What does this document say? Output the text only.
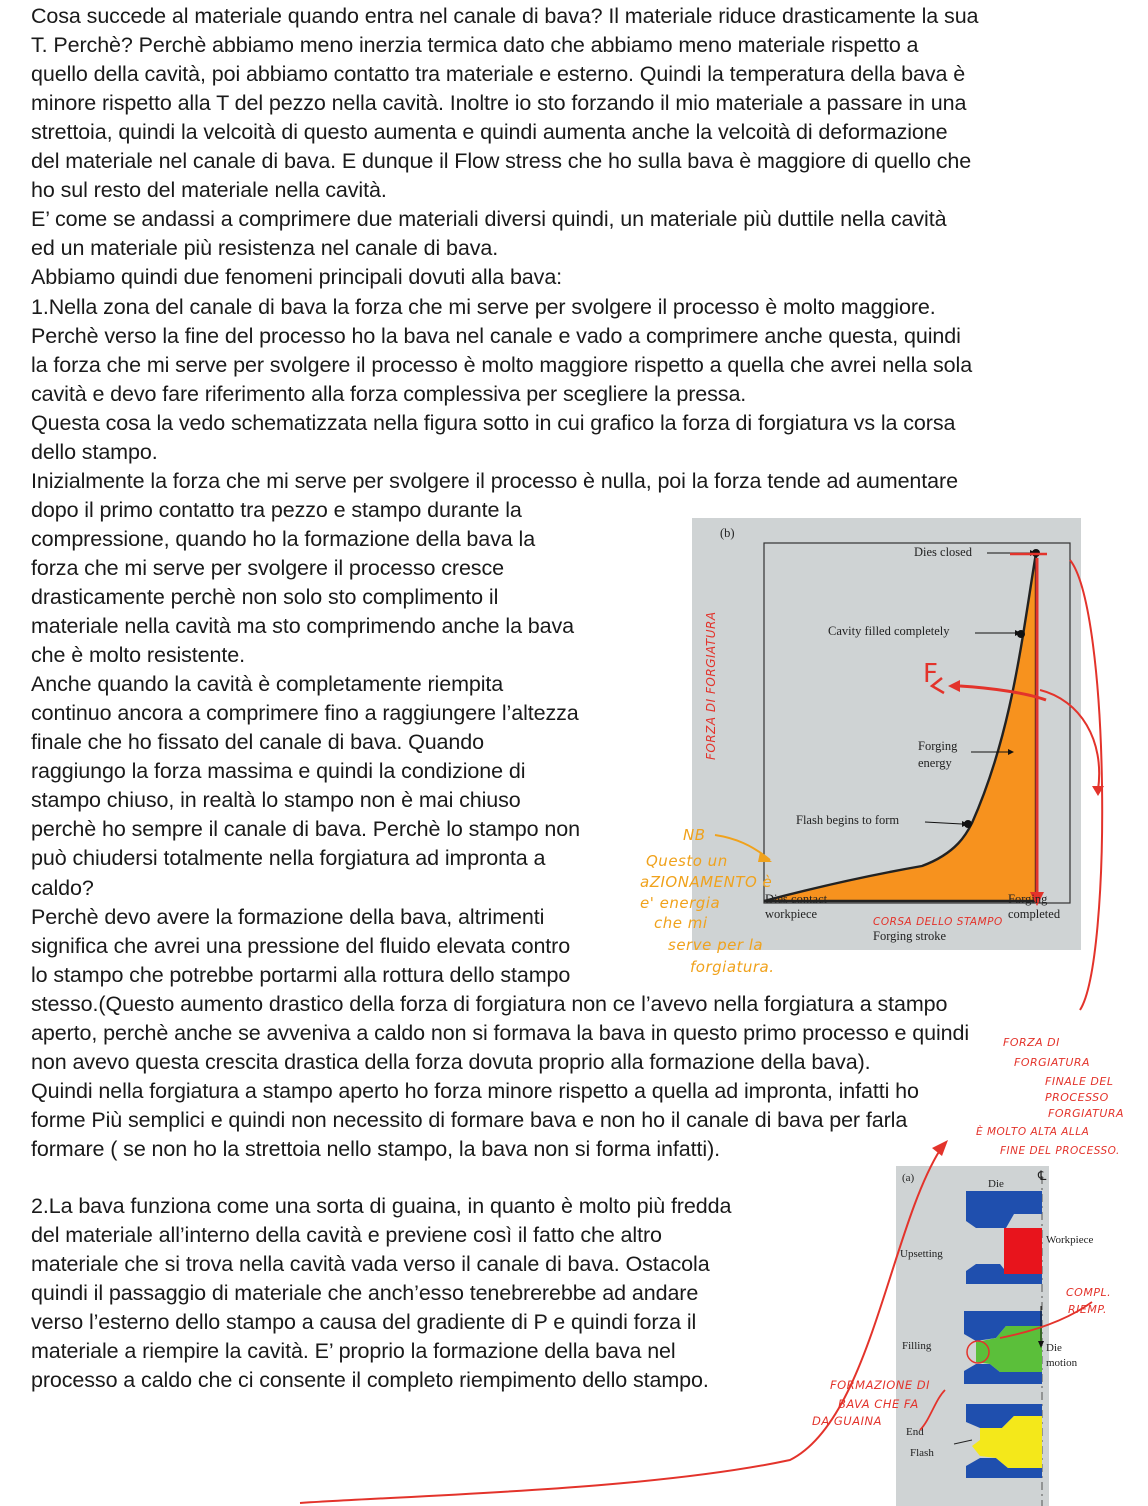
Cosa succede al materiale quando entra nel canale di bava? Il materiale riduce drasticamente la sua
T. Perchè? Perchè abbiamo meno inerzia termica dato che abbiamo meno materiale rispetto a
quello della cavità, poi abbiamo contatto tra materiale e esterno. Quindi la temperatura della bava è
minore rispetto alla T del pezzo nella cavità. Inoltre io sto forzando il mio materiale a passare in una
strettoia, quindi la velcoità di questo aumenta e quindi aumenta anche la velcoità di deformazione
del materiale nel canale di bava. E dunque il Flow stress che ho sulla bava è maggiore di quello che
ho sul resto del materiale nella cavità.
E’ come se andassi a comprimere due materiali diversi quindi, un materiale più duttile nella cavità
ed un materiale più resistenza nel canale di bava.
Abbiamo quindi due fenomeni principali dovuti alla bava:
1.Nella zona del canale di bava la forza che mi serve per svolgere il processo è molto maggiore.
Perchè verso la fine del processo ho la bava nel canale e vado a comprimere anche questa, quindi
la forza che mi serve per svolgere il processo è molto maggiore rispetto a quella che avrei nella sola
cavità e devo fare riferimento alla forza complessiva per scegliere la pressa.
Questa cosa la vedo schematizzata nella figura sotto in cui grafico la forza di forgiatura vs la corsa
dello stampo.
Inizialmente la forza che mi serve per svolgere il processo è nulla, poi la forza tende ad aumentare
dopo il primo contatto tra pezzo e stampo durante la
compressione, quando ho la formazione della bava la
forza che mi serve per svolgere il processo cresce
drasticamente perchè non solo sto complimento il
materiale nella cavità ma sto comprimendo anche la bava
che è molto resistente.
Anche quando la cavità è completamente riempita
continuo ancora a comprimere fino a raggiungere l’altezza
finale che ho fissato del canale di bava. Quando
raggiungo la forza massima e quindi la condizione di
stampo chiuso, in realtà lo stampo non è mai chiuso
perchè ho sempre il canale di bava. Perchè lo stampo non
può chiudersi totalmente nella forgiatura ad impronta a
caldo?
Perchè devo avere la formazione della bava, altrimenti
significa che avrei una pressione del fluido elevata contro
lo stampo che potrebbe portarmi alla rottura dello stampo
stesso.(Questo aumento drastico della forza di forgiatura non ce l’avevo nella forgiatura a stampo
aperto, perchè anche se avveniva a caldo non si formava la bava in questo primo processo e quindi
non avevo questa crescita drastica della forza dovuta proprio alla formazione della bava).
Quindi nella forgiatura a stampo aperto ho forza minore rispetto a quella ad impronta, infatti ho
forme Più semplici e quindi non necessito di formare bava e non ho il canale di bava per farla
formare ( se non ho la strettoia nello stampo, la bava non si forma infatti).
2.La bava funziona come una sorta di guaina, in quanto è molto più fredda
del materiale all’interno della cavità e previene così il fatto che altro
materiale che si trova nella cavità vada verso il canale di bava. Ostacola
quindi il passaggio di materiale che anch’esso tenebrerebbe ad andare
verso l’esterno dello stampo a causa del gradiente di P e quindi forza il
materiale a riempire la cavità. E’ proprio la formazione della bava nel
processo a caldo che ci consente il completo riempimento dello stampo.
(b)
Dies closed
Cavity filled completely
Forging
energy
Flash begins to form
Dies contact
workpiece
Forging
completed
Forging stroke
(a)	Die
℄
Workpiece
Upsetting
Filling	Die
motion
End
Flash
F
FORZA DI FORGIATURA
CORSA DELLO STAMPO
NB
Questo un
aZIONAMENTO è
e' energia
che mi
serve per la
forgiatura.
FORZA DI
FORGIATURA
FINALE DEL
PROCESSO
FORGIATURA
È MOLTO ALTA ALLA
FINE DEL PROCESSO.
COMPL.
RIEMP.
FORMAZIONE DI
BAVA CHE FA
DA GUAINA
